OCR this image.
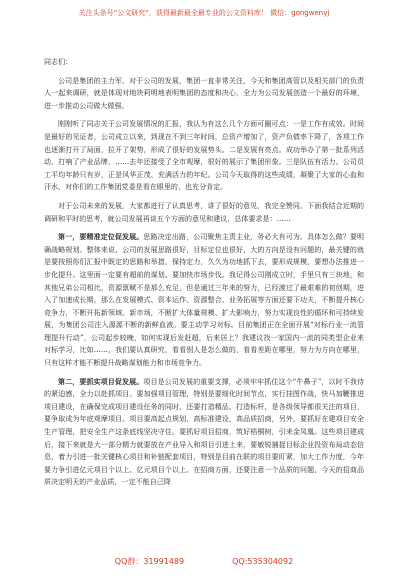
关注头条号“公文研究”，获得最新最全最专业的公文资料库！ 微信：gongwenyj
同志们：

公司是集团的主力军，对于公司的发展，集团一直非常关注，今天和集团高管以及相关部门的负责人一起来调研，就是体现对地块莉明地表明集团的态度和决心，全力为公司发展创造一个最好的环境，进一步推动公司做大做强。

刚刚听了同志关于公司发展情况的汇报，我认为有这么几个方面可圈可点：一是工作有成效。时间是最好的见证者，公司成立以来，到现在不到三年时间，总资产增加了，资产负债率下降了，各项工作也逐渐打开了局面，拉开了架势，形成了很好的发展势头。二是发展有亮点。成功举办了第一批系列活动，打响了产业品牌，……去年还接受了全市观摩，很好的展示了集团形象。三是队伍有活力。公司员工平均年龄只有岁，正是风华正茂、充满活力的年纪。公司今天取得的这些成绩，凝聚了大家的心血和汗水，对你们的工作集团党委是看在眼里的，也充分肯定。

对于公司未来的发展，大家都进行了认真思考，讲了很好的意见，我完全赞同。下面我结合近期的调研和平时的思考，就公司发展再谈五个方面的意见和建议，总体要求是：……

第一，要精准定位促发展。思路决定出路，公司聚焦主责主业，务必大有可为。具体怎么做？要明确战略规划。整体来说，公司的发展思路很好，目标定位也很好，大的方向是没有问题的，最关键的就是要按照你们汇报中既定的思路和举措，保持定力，久久为功地抓下去，要形成规模，要想办法推进一步化提升。这里面一定要有超前的谋划。要加快市场步伐。我记得公司刚成立时，手里只有三块地，和其他兄弟公司相比，资源禀赋不是那么充足，但是通过三年来的努力，已经渡过了最艰难的初创期，进入了加速成长期，那么在发展模式、资本运作、资源整合、业务拓展等方面还要下功夫，不断提升核心竞争力，不断开拓新领域、新市场，不断扩大体量规模、扩大影响力，努力实现良性的循环和可持续发展，为集团公司注入源源不断的新鲜血液。要主动学习对标。目前集团正在全面开展“对标行业一流管理提升行动”，公司起步较晚，如何实现后发赶超，后来居上？我建议找一家国内一流的同类型企业来对标学习，比如……，我们要认真研究，看看别人是怎么做的，看看差距在哪里，努力为方向在哪里，只有这样才能不断提升战略谋划能力和市场竞争力。

第二，要抓实项目促发展。项目是公司发展的重要支撑，必须牢牢抓住这个“牛鼻子”，以时不我待的紧迫感，全力以赴抓项目。要加强项目管理，特别是要细化时间节点，实行挂图作战，快马加鞭推进项目建设，在确保完成项目建设任务的同时，还要打造精品、打造标杆，是各级领导都很关注的项目，要争取成为年底观摩项目。项目要高起点规划，高标准建设，高品质招商，另外，要抓好在建项目安全生产管理，把安全生产这条底线坚决守住。要抓好项目招商，筑好梧桐树，引来金凤凰。这些项目建成后，接下来就是大一部分精力就要放在产业导入和项目引进上来，要敏锐捕捉目标企业投资布局动态信息，着力引进一批关键核心项目和补链配套项目，特别是目前在联的项目要盯紧，加大工作力度，今年要力争引进亿元项目个以上、亿元项目个以上。在招商方面，还要注意一个品质的问题，今天的招商品质决定明天的产业品质，一定不能自己降

QQ群：31991489	QQ:535304092
